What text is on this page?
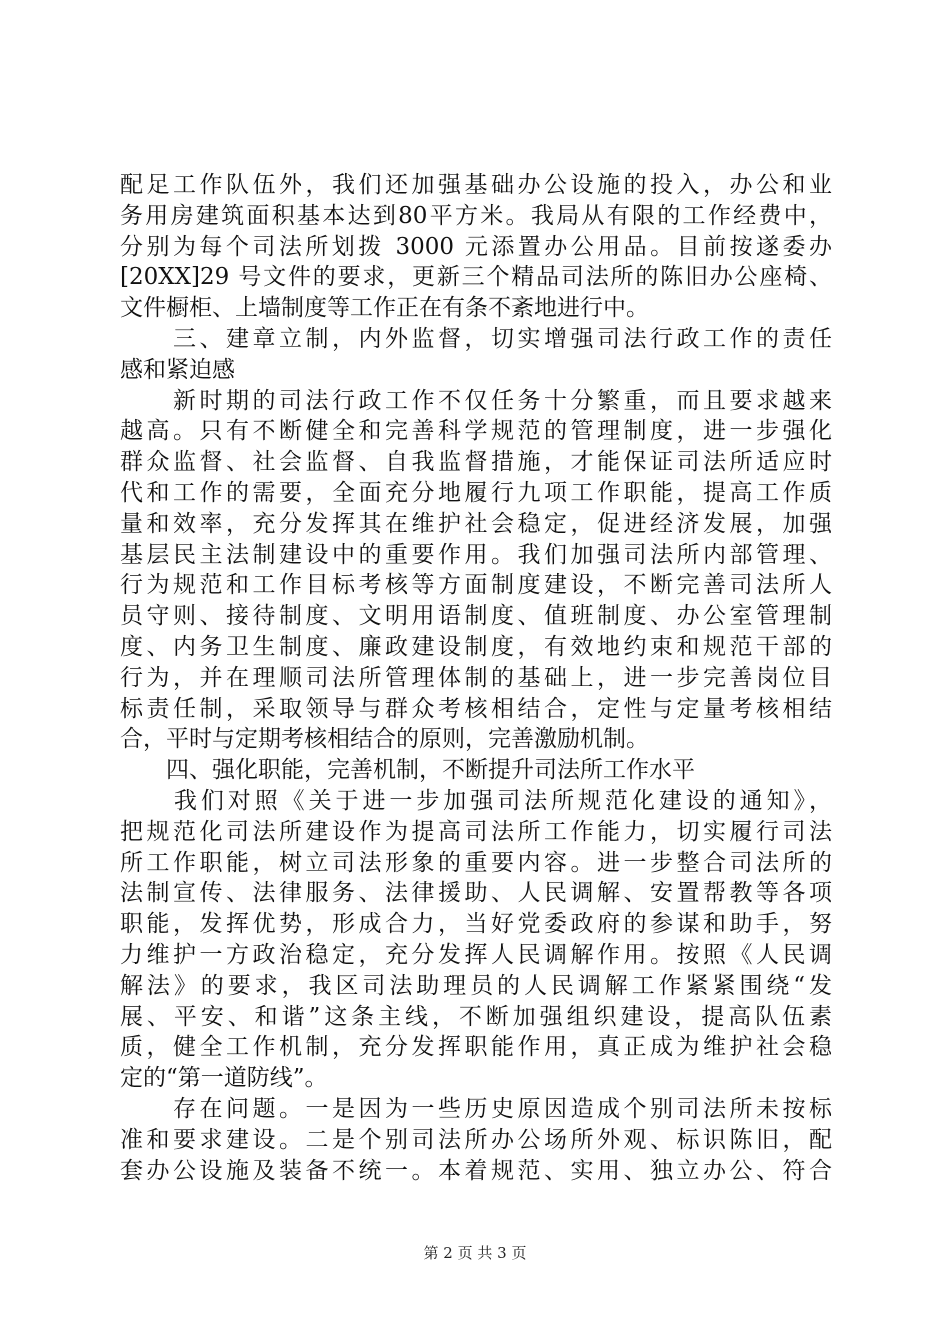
配足工作队伍外，我们还加强基础办公设施的投入，办公和业
务用房建筑面积基本达到80平方米。我局从有限的工作经费中，
分别为每个司法所划拨 3000 元添置办公用品。目前按遂委办
[20XX]29 号文件的要求，更新三个精品司法所的陈旧办公座椅、
文件橱柜、上墙制度等工作正在有条不紊地进行中。
　　三、建章立制，内外监督，切实增强司法行政工作的责任
感和紧迫感
　　新时期的司法行政工作不仅任务十分繁重，而且要求越来
越高。只有不断健全和完善科学规范的管理制度，进一步强化
群众监督、社会监督、自我监督措施，才能保证司法所适应时
代和工作的需要，全面充分地履行九项工作职能，提高工作质
量和效率，充分发挥其在维护社会稳定，促进经济发展，加强
基层民主法制建设中的重要作用。我们加强司法所内部管理、
行为规范和工作目标考核等方面制度建设，不断完善司法所人
员守则、接待制度、文明用语制度、值班制度、办公室管理制
度、内务卫生制度、廉政建设制度，有效地约束和规范干部的
行为，并在理顺司法所管理体制的基础上，进一步完善岗位目
标责任制，采取领导与群众考核相结合，定性与定量考核相结
合，平时与定期考核相结合的原则，完善激励机制。
　　四、强化职能，完善机制，不断提升司法所工作水平
　　我们对照《关于进一步加强司法所规范化建设的通知》，
把规范化司法所建设作为提高司法所工作能力，切实履行司法
所工作职能，树立司法形象的重要内容。进一步整合司法所的
法制宣传、法律服务、法律援助、人民调解、安置帮教等各项
职能，发挥优势，形成合力，当好党委政府的参谋和助手，努
力维护一方政治稳定，充分发挥人民调解作用。按照《人民调
解法》的要求，我区司法助理员的人民调解工作紧紧围绕“发
展、平安、和谐”这条主线，不断加强组织建设，提高队伍素
质，健全工作机制，充分发挥职能作用，真正成为维护社会稳
定的“第一道防线”。
　　存在问题。一是因为一些历史原因造成个别司法所未按标
准和要求建设。二是个别司法所办公场所外观、标识陈旧，配
套办公设施及装备不统一。本着规范、实用、独立办公、符合
第 2 页 共 3 页
